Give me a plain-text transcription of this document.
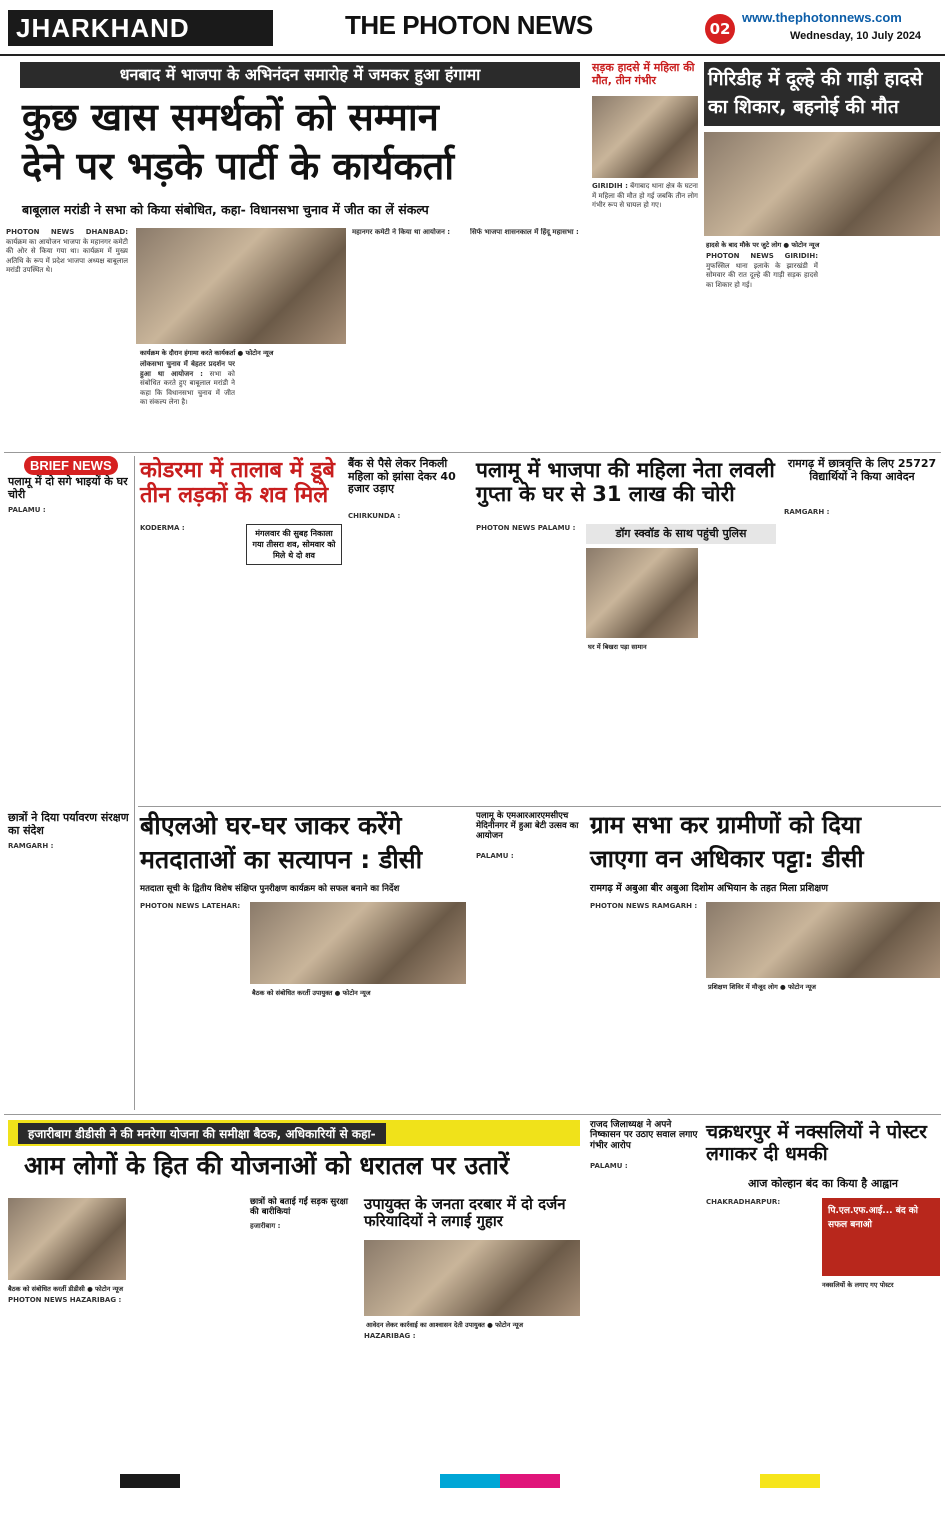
JHARKHAND	THE PHOTON NEWS	02
www.thephotonnews.com
Wednesday, 10 July 2024
धनबाद में भाजपा के अभिनंदन समारोह में जमकर हुआ हंगामा
कुछ खास समर्थकों को सम्मान
देने पर भड़के पार्टी के कार्यकर्ता
बाबूलाल मरांडी ने सभा को किया संबोधित, कहा- विधानसभा चुनाव में जीत का लें संकल्प
PHOTON NEWS DHANBAD: कार्यक्रम का आयोजन भाजपा के महानगर कमेटी की ओर से किया गया था। कार्यक्रम में मुख्य अतिथि के रूप में प्रदेश भाजपा अध्यक्ष बाबूलाल मरांडी उपस्थित थे।
कार्यक्रम के दौरान हंगामा करते कार्यकर्ता ● फोटोन न्यूज
लोकसभा चुनाव में बेहतर प्रदर्शन पर हुआ था आयोजन : सभा को संबोधित करते हुए बाबूलाल मरांडी ने कहा कि विधानसभा चुनाव में जीत का संकल्प लेना है।
महानगर कमेटी ने किया था आयोजन :	सिर्फ भाजपा शासनकाल में हिंदू महासभा :
सड़क हादसे में महिला की मौत, तीन गंभीर
GIRIDIH : बेंगाबाद थाना क्षेत्र के घटना में महिला की मौत हो गई जबकि तीन लोग गंभीर रूप से घायल हो गए।
गिरिडीह में दूल्हे की गाड़ी हादसे का शिकार, बहनोई की मौत
हादसे के बाद मौके पर जुटे लोग ● फोटोन न्यूज
PHOTON NEWS GIRIDIH: मुफस्सिल थाना इलाके के झारखंडी में सोमवार की रात दूल्हे की गाड़ी सड़क हादसे का शिकार हो गई।
BRIEF NEWS
पलामू में दो सगे भाइयों के घर चोरी
PALAMU :
छात्रों ने दिया पर्यावरण संरक्षण का संदेश
RAMGARH :
कोडरमा में तालाब में डूबे तीन लड़कों के शव मिले
KODERMA :
मंगलवार की सुबह निकाला गया तीसरा शव, सोमवार को मिले थे दो शव
बैंक से पैसे लेकर निकली महिला को झांसा देकर 40 हजार उड़ाए
CHIRKUNDA :
पलामू में भाजपा की महिला नेता लवली गुप्ता के घर से 31 लाख की चोरी
डॉग स्क्वॉड के साथ पहुंची पुलिस
PHOTON NEWS PALAMU :
घर में बिखरा पड़ा सामान
रामगढ़ में छात्रवृत्ति के लिए 25727 विद्यार्थियों ने किया आवेदन
RAMGARH :
बीएलओ घर-घर जाकर करेंगे
मतदाताओं का सत्यापन : डीसी
मतदाता सूची के द्वितीय विशेष संक्षिप्त पुनरीक्षण कार्यक्रम को सफल बनाने का निर्देश
PHOTON NEWS LATEHAR:
बैठक को संबोधित करतीं उपायुक्त ● फोटोन न्यूज
पलामू के एमआरआरएमसीएच मेदिनीनगर में हुआ बेटी उत्सव का आयोजन
PALAMU :
ग्राम सभा कर ग्रामीणों को दिया
जाएगा वन अधिकार पट्टा: डीसी
रामगढ़ में अबुआ बीर अबुआ दिशोम अभियान के तहत मिला प्रशिक्षण
PHOTON NEWS RAMGARH :
प्रशिक्षण शिविर में मौजूद लोग ● फोटोन न्यूज
हजारीबाग डीडीसी ने की मनरेगा योजना की समीक्षा बैठक, अधिकारियों से कहा-
आम लोगों के हित की योजनाओं को धरातल पर उतारें
बैठक को संबोधित करतीं डीडीसी ● फोटोन न्यूज
PHOTON NEWS HAZARIBAG :
छात्रों को बताई गईं सड़क सुरक्षा की बारीकियां
हजारीबाग :
उपायुक्त के जनता दरबार में दो दर्जन फरियादियों ने लगाई गुहार
आवेदन लेकर कार्रवाई का आश्वासन देती उपायुक्त ● फोटोन न्यूज
HAZARIBAG :
राजद जिलाध्यक्ष ने अपने निष्कासन पर उठाए सवाल लगाए गंभीर आरोप
PALAMU :
चक्रधरपुर में नक्सलियों ने पोस्टर लगाकर दी धमकी
आज कोल्हान बंद का किया है आह्वान
CHAKRADHARPUR:
पि.एल.एफ.आई... बंद को सफल बनाओ
नक्सलियों के लगाए गए पोस्टर
